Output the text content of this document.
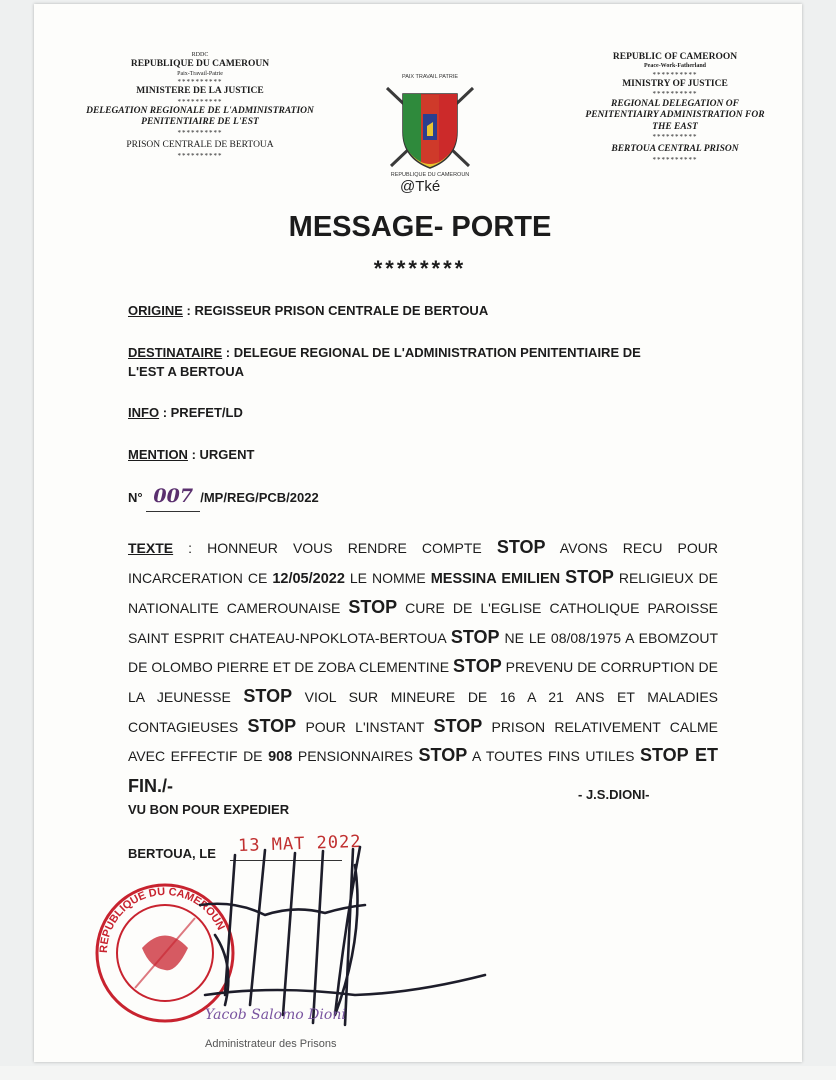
RDDC
REPUBLIQUE DU CAMEROUN
Paix-Travail-Patrie
**********
MINISTERE DE LA JUSTICE
**********
DELEGATION REGIONALE DE L'ADMINISTRATION
PENITENTIAIRE DE L'EST
**********
PRISON CENTRALE DE BERTOUA
**********
REPUBLIC OF CAMEROON
Peace-Work-Fatherland
**********
MINISTRY OF JUSTICE
**********
REGIONAL DELEGATION OF
PENITENTIAIRY ADMINISTRATION FOR
THE EAST
**********
BERTOUA CENTRAL PRISON
**********
PAIX TRAVAIL PATRIE
REPUBLIQUE DU CAMEROUN
@Tké
MESSAGE- PORTE
********
ORIGINE : REGISSEUR PRISON CENTRALE DE BERTOUA
DESTINATAIRE : DELEGUE REGIONAL DE L'ADMINISTRATION PENITENTIAIRE DE
L'EST A BERTOUA
INFO : PREFET/LD
MENTION : URGENT
N° 007 /MP/REG/PCB/2022
TEXTE : HONNEUR VOUS RENDRE COMPTE STOP AVONS RECU POUR INCARCERATION CE 12/05/2022 LE NOMME MESSINA EMILIEN STOP RELIGIEUX DE NATIONALITE CAMEROUNAISE STOP CURE DE L'EGLISE CATHOLIQUE PAROISSE SAINT ESPRIT CHATEAU-NPOKLOTA-BERTOUA STOP NE LE 08/08/1975 A EBOMZOUT DE OLOMBO PIERRE ET DE ZOBA CLEMENTINE STOP PREVENU DE CORRUPTION DE LA JEUNESSE STOP VIOL SUR MINEURE DE 16 A 21 ANS ET MALADIES CONTAGIEUSES STOP POUR L'INSTANT STOP PRISON RELATIVEMENT CALME AVEC EFFECTIF DE 908 PENSIONNAIRES STOP A TOUTES FINS UTILES STOP ET FIN./-	- J.S.DIONI-
VU BON POUR EXPEDIER
BERTOUA, LE 13 MAT 2022
REPUBLIQUE DU CAMEROUN
Yacob Salomo Dioni
Administrateur des Prisons
